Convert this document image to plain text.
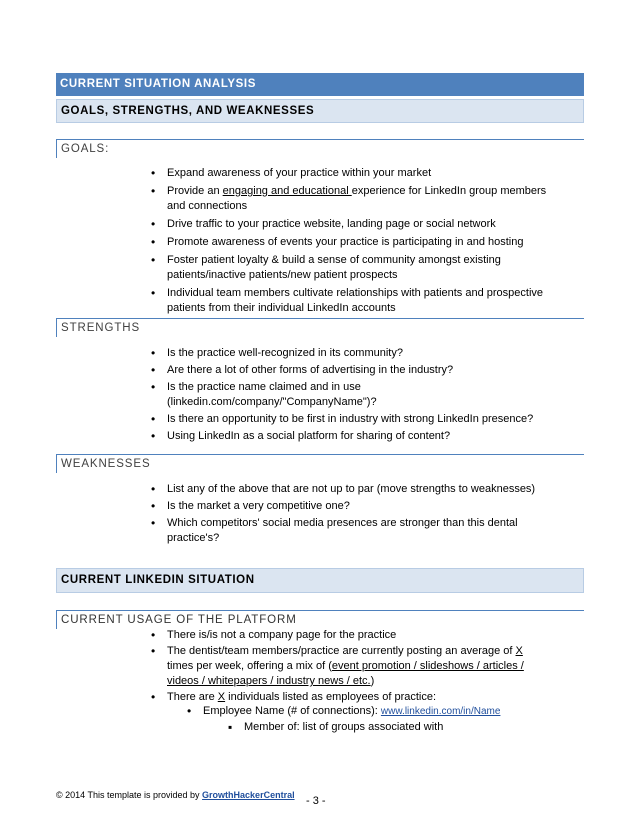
CURRENT SITUATION ANALYSIS
GOALS, STRENGTHS, AND WEAKNESSES
GOALS:
• Expand awareness of your practice within your market
• Provide an engaging and educational experience for LinkedIn group members and connections
• Drive traffic to your practice website, landing page or social network
• Promote awareness of events your practice is participating in and hosting
• Foster patient loyalty & build a sense of community amongst existing patients/inactive patients/new patient prospects
• Individual team members cultivate relationships with patients and prospective patients from their individual LinkedIn accounts
STRENGTHS
• Is the practice well-recognized in its community?
• Are there a lot of other forms of advertising in the industry?
• Is the practice name claimed and in use (linkedin.com/company/"CompanyName")?
• Is there an opportunity to be first in industry with strong LinkedIn presence?
• Using LinkedIn as a social platform for sharing of content?
WEAKNESSES
• List any of the above that are not up to par (move strengths to weaknesses)
• Is the market a very competitive one?
• Which competitors' social media presences are stronger than this dental practice's?
CURRENT LINKEDIN SITUATION
CURRENT USAGE OF THE PLATFORM
• There is/is not a company page for the practice
• The dentist/team members/practice are currently posting an average of X times per week, offering a mix of (event promotion / slideshows / articles / videos / whitepapers / industry news / etc.)
• There are X individuals listed as employees of practice:
• Employee Name (# of connections): www.linkedin.com/in/Name
▪ Member of: list of groups associated with
© 2014 This template is provided by GrowthHackerCentral - 3 -
